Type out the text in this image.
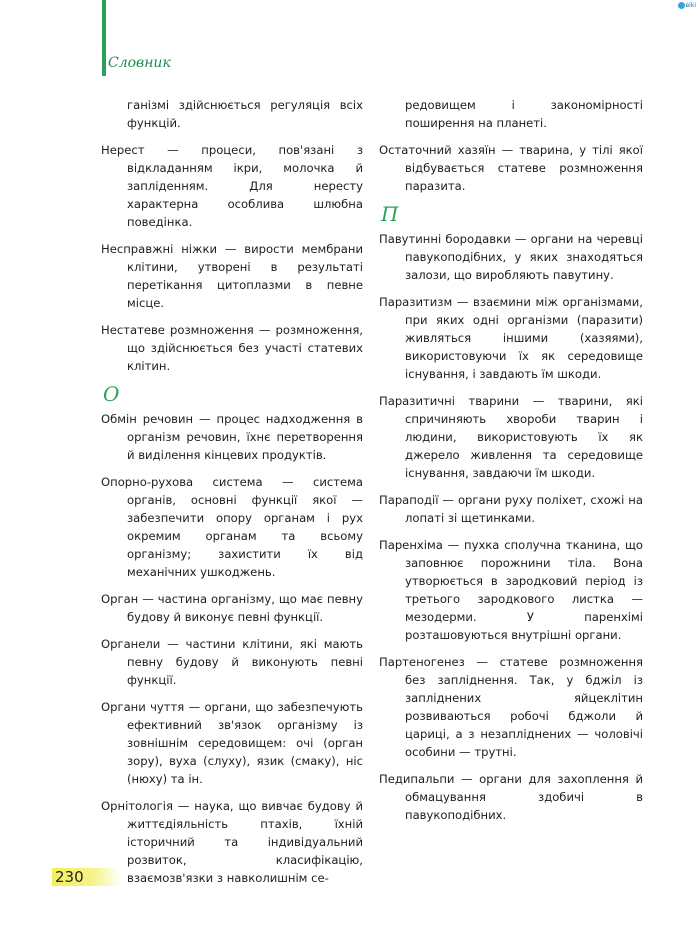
Словник
вiki

ганізмі здійснюється регуляція всіх функцій.

Нерест — процеси, пов'язані з відкладанням ікри, молочка й запліденням. Для нересту характерна особлива шлюбна поведінка.

Несправжні ніжки — вирости мембрани клітини, утворені в результаті перетікання цитоплазми в певне місце.

Нестатеве розмноження — розмноження, що здійснюється без участі статевих клітин.

О

Обмін речовин — процес надходження в організм речовин, їхнє перетворення й виділення кінцевих продуктів.

Опорно-рухова система — система органів, основні функції якої — забезпечити опору органам і рух окремим органам та всьому організму; захистити їх від механічних ушкоджень.

Орган — частина організму, що має певну будову й виконує певні функції.

Органели — частини клітини, які мають певну будову й виконують певні функції.

Органи чуття — органи, що забезпечують ефективний зв'язок організму із зовнішнім середовищем: очі (орган зору), вуха (слуху), язик (смаку), ніс (нюху) та ін.

Орнітологія — наука, що вивчає будову й життєдіяльність птахів, їхній історичний та індивідуальний розвиток, класифікацію, взаємозв'язки з навколишнім се-

редовищем і закономірності поширення на планеті.

Остаточний хазяїн — тварина, у тілі якої відбувається статеве розмноження паразита.

П

Павутинні бородавки — органи на черевці павукоподібних, у яких знаходяться залози, що виробляють павутину.

Паразитизм — взаємини між організмами, при яких одні організми (паразити) живляться іншими (хазяями), використовуючи їх як середовище існування, і завдають їм шкоди.

Паразитичні тварини — тварини, які спричиняють хвороби тварин і людини, використовують їх як джерело живлення та середовище існування, завдаючи їм шкоди.

Параподії — органи руху поліхет, схожі на лопаті зі щетинками.

Паренхіма — пухка сполучна тканина, що заповнює порожнини тіла. Вона утворюється в зародковий період із третього зародкового листка — мезодерми. У паренхімі розташовуються внутрішні органи.

Партеногенез — статеве розмноження без запліднення. Так, у бджіл із запліднених яйцеклітин розвиваються робочі бджоли й цариці, а з незапліднених — чоловічі особини — трутні.

Педипальпи — органи для захоплення й обмацування здобичі в павукоподібних.

230
